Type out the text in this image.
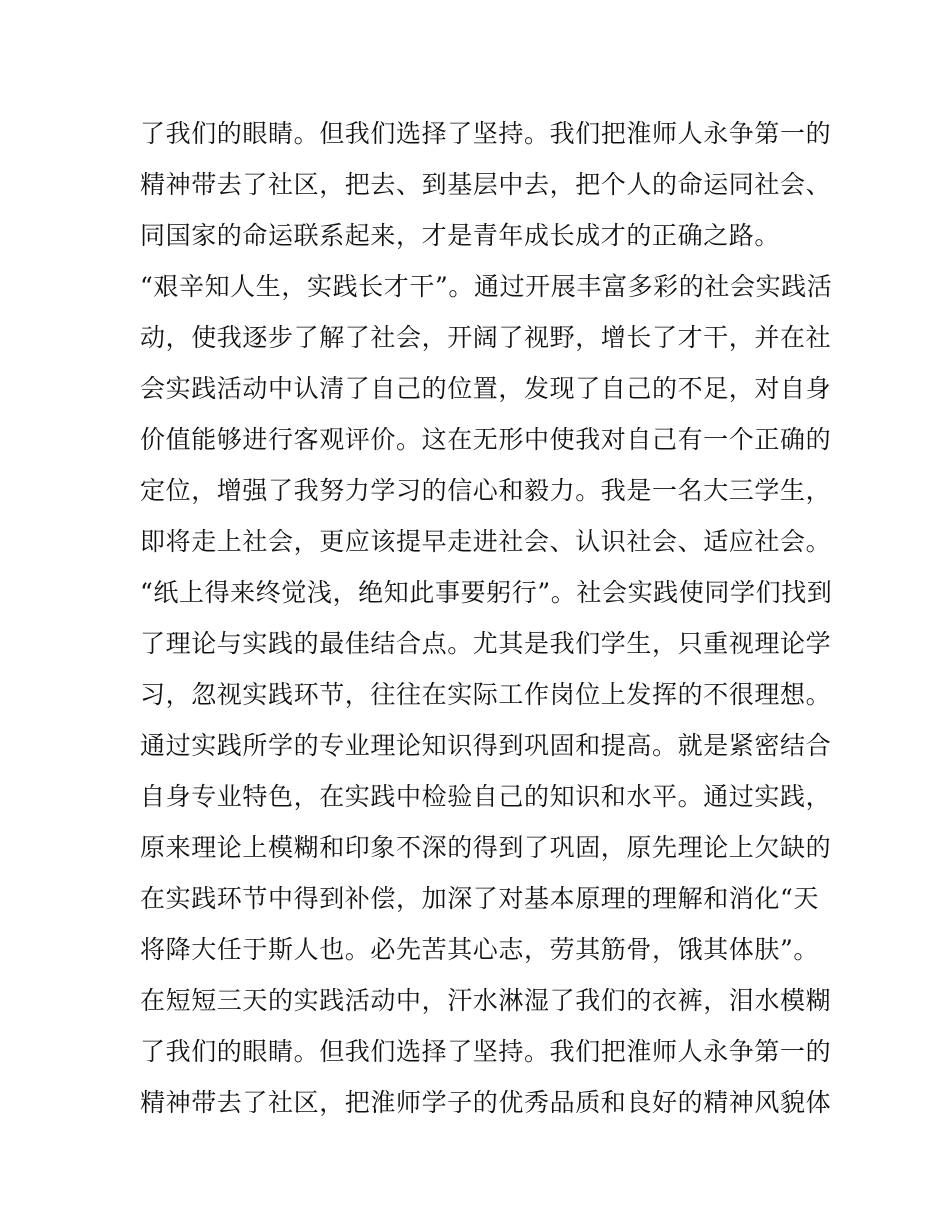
了我们的眼睛。但我们选择了坚持。我们把淮师人永争第一的
精神带去了社区，把去、到基层中去，把个人的命运同社会、
同国家的命运联系起来，才是青年成长成才的正确之路。
“艰辛知人生，实践长才干”。通过开展丰富多彩的社会实践活
动，使我逐步了解了社会，开阔了视野，增长了才干，并在社
会实践活动中认清了自己的位置，发现了自己的不足，对自身
价值能够进行客观评价。这在无形中使我对自己有一个正确的
定位，增强了我努力学习的信心和毅力。我是一名大三学生，
即将走上社会，更应该提早走进社会、认识社会、适应社会。
“纸上得来终觉浅，绝知此事要躬行”。社会实践使同学们找到
了理论与实践的最佳结合点。尤其是我们学生，只重视理论学
习，忽视实践环节，往往在实际工作岗位上发挥的不很理想。
通过实践所学的专业理论知识得到巩固和提高。就是紧密结合
自身专业特色，在实践中检验自己的知识和水平。通过实践，
原来理论上模糊和印象不深的得到了巩固，原先理论上欠缺的
在实践环节中得到补偿，加深了对基本原理的理解和消化“天
将降大任于斯人也。必先苦其心志，劳其筋骨，饿其体肤”。
在短短三天的实践活动中，汗水淋湿了我们的衣裤，泪水模糊
了我们的眼睛。但我们选择了坚持。我们把淮师人永争第一的
精神带去了社区，把淮师学子的优秀品质和良好的精神风貌体
